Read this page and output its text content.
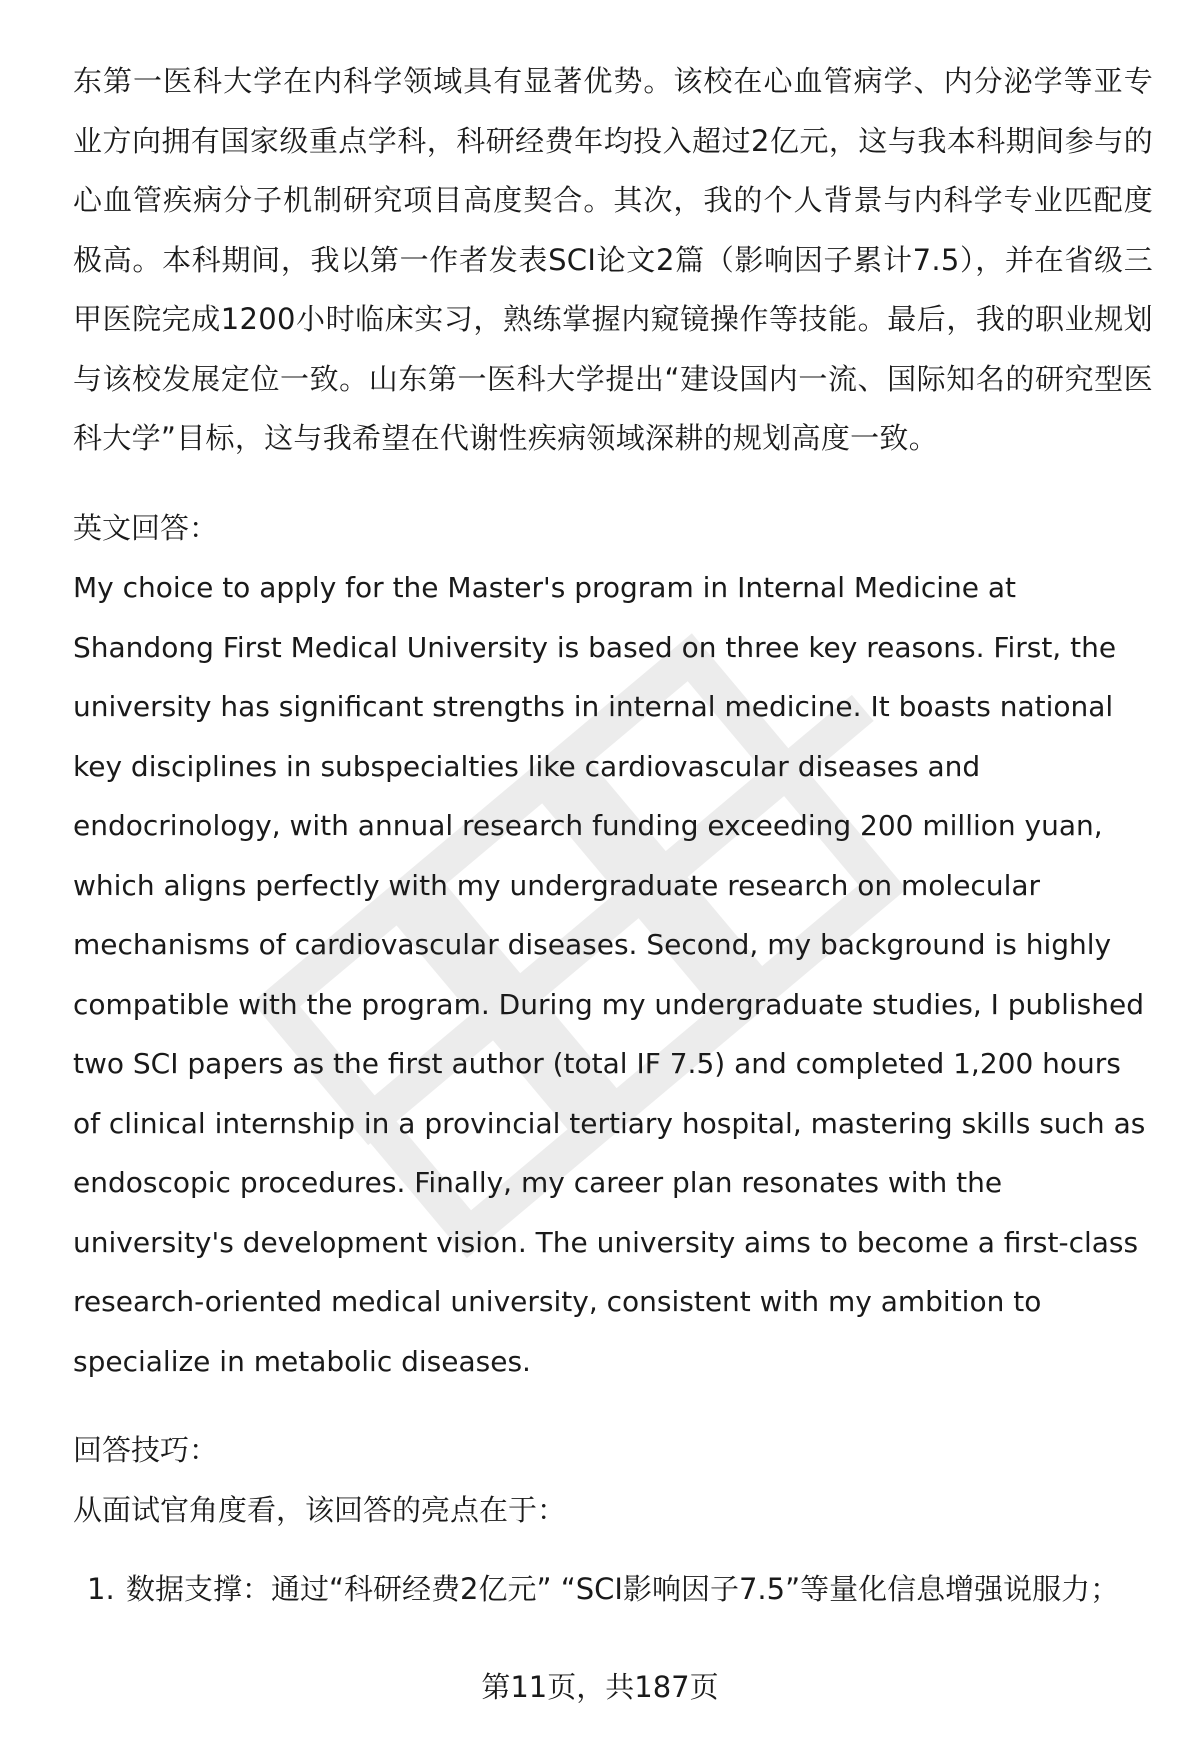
东第一医科大学在内科学领域具有显著优势。该校在心血管病学、内分泌学等亚专业方向拥有国家级重点学科，科研经费年均投入超过2亿元，这与我本科期间参与的心血管疾病分子机制研究项目高度契合。其次，我的个人背景与内科学专业匹配度极高。本科期间，我以第一作者发表SCI论文2篇（影响因子累计7.5），并在省级三甲医院完成1200小时临床实习，熟练掌握内窥镜操作等技能。最后，我的职业规划与该校发展定位一致。山东第一医科大学提出“建设国内一流、国际知名的研究型医科大学”目标，这与我希望在代谢性疾病领域深耕的规划高度一致。

英文回答：

My choice to apply for the Master's program in Internal Medicine at Shandong First Medical University is based on three key reasons. First, the university has significant strengths in internal medicine. It boasts national key disciplines in subspecialties like cardiovascular diseases and endocrinology, with annual research funding exceeding 200 million yuan, which aligns perfectly with my undergraduate research on molecular mechanisms of cardiovascular diseases. Second, my background is highly compatible with the program. During my undergraduate studies, I published two SCI papers as the first author (total IF 7.5) and completed 1,200 hours of clinical internship in a provincial tertiary hospital, mastering skills such as endoscopic procedures. Finally, my career plan resonates with the university's development vision. The university aims to become a first-class research-oriented medical university, consistent with my ambition to specialize in metabolic diseases.

回答技巧：

从面试官角度看，该回答的亮点在于：

1. 数据支撑：通过“科研经费2亿元” “SCI影响因子7.5”等量化信息增强说服力；
第11页，共187页
